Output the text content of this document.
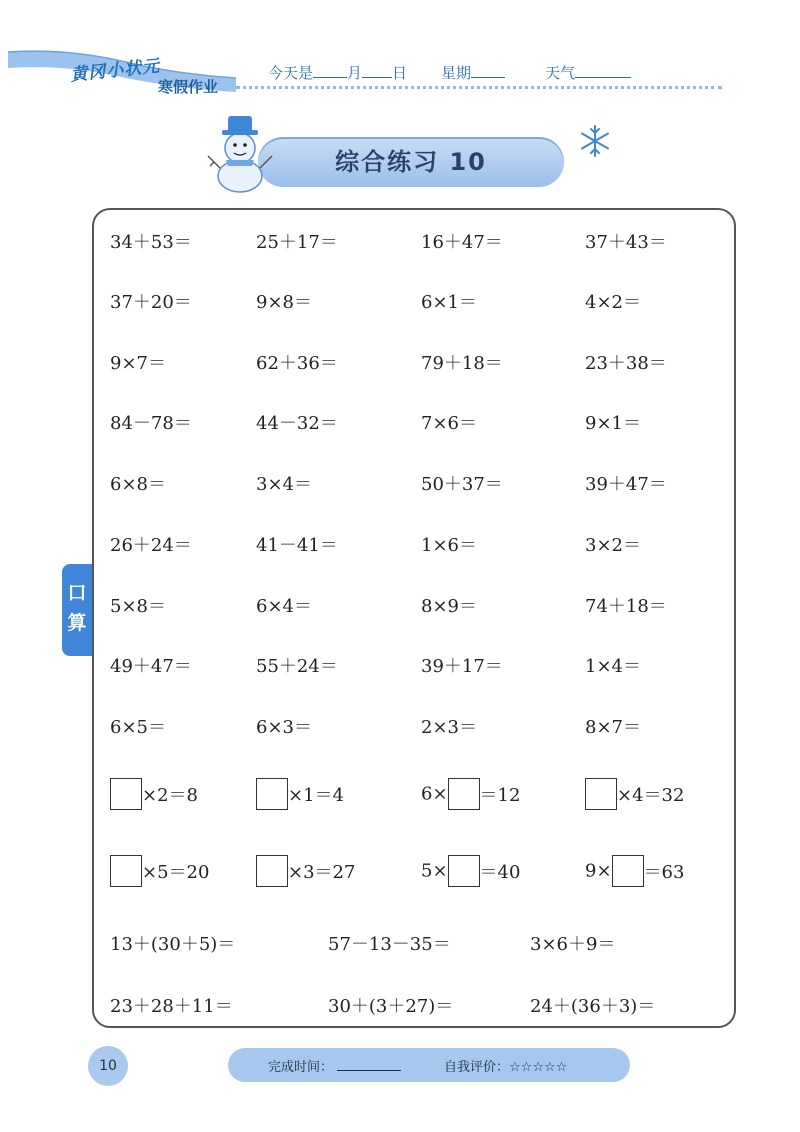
黄冈小状元
寒假作业
今天是 月 日 星期	天气
综合练习 10
口
算
34＋53＝	25＋17＝	16＋47＝	37＋43＝
37＋20＝	9×8＝	6×1＝	4×2＝
9×7＝	62＋36＝	79＋18＝	23＋38＝
84－78＝	44－32＝	7×6＝	9×1＝
6×8＝	3×4＝	50＋37＝	39＋47＝
26＋24＝	41－41＝	1×6＝	3×2＝
5×8＝	6×4＝	8×9＝	74＋18＝
49＋47＝	55＋24＝	39＋17＝	1×4＝
6×5＝	6×3＝	2×3＝	8×7＝
×2＝8	×1＝4	6× ＝12	×4＝32
×5＝20	×3＝27	5× ＝40	9× ＝63
13＋(30＋5)＝	57－13－35＝	3×6＋9＝
23＋28＋11＝	30＋(3＋27)＝	24＋(36＋3)＝
10	完成时间：	自我评价：☆☆☆☆☆
